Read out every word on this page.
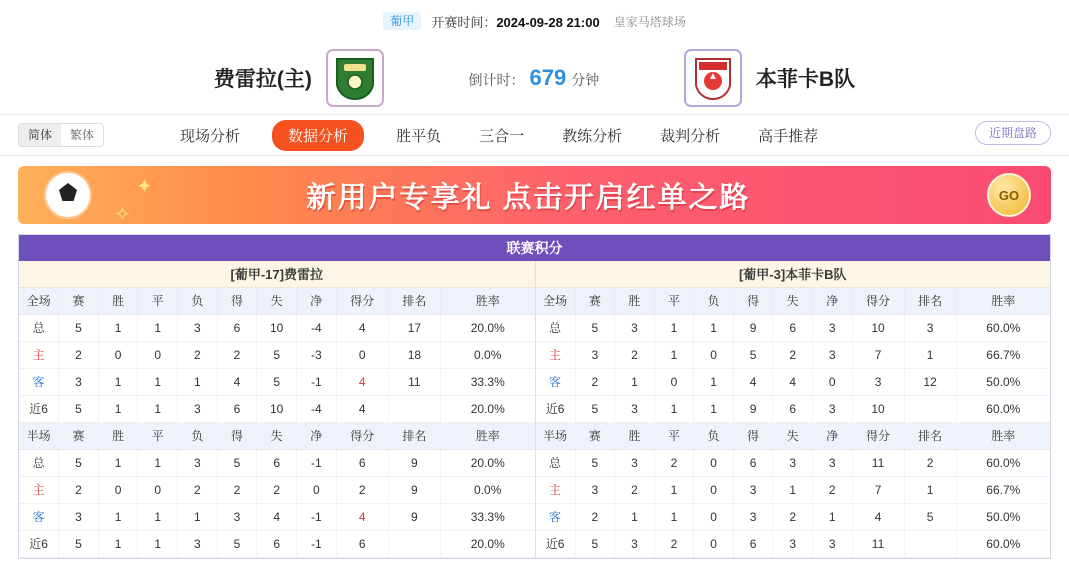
葡甲	开赛时间：2024-09-28 21:00 皇家马塔球场
费雷拉(主)	倒计时： 679 分钟	本菲卡B队
简体	繁体	现场分析	数据分析	胜平负	三合一	教练分析	裁判分析	高手推荐	近期盘路
✦
✧
新用户专享礼 点击开启红单之路	GO
联赛积分
[葡甲-17]费雷拉
全场	赛	胜	平	负	得	失	净	得分	排名	胜率
总	5	1	1	3	6	10	-4	4	17	20.0%
主	2	0	0	2	2	5	-3	0	18	0.0%
客	3	1	1	1	4	5	-1	4	11	33.3%
近6	5	1	1	3	6	10	-4	4		20.0%
半场	赛	胜	平	负	得	失	净	得分	排名	胜率
总	5	1	1	3	5	6	-1	6	9	20.0%
主	2	0	0	2	2	2	0	2	9	0.0%
客	3	1	1	1	3	4	-1	4	9	33.3%
近6	5	1	1	3	5	6	-1	6		20.0%
[葡甲-3]本菲卡B队
全场	赛	胜	平	负	得	失	净	得分	排名	胜率
总	5	3	1	1	9	6	3	10	3	60.0%
主	3	2	1	0	5	2	3	7	1	66.7%
客	2	1	0	1	4	4	0	3	12	50.0%
近6	5	3	1	1	9	6	3	10		60.0%
半场	赛	胜	平	负	得	失	净	得分	排名	胜率
总	5	3	2	0	6	3	3	11	2	60.0%
主	3	2	1	0	3	1	2	7	1	66.7%
客	2	1	1	0	3	2	1	4	5	50.0%
近6	5	3	2	0	6	3	3	11		60.0%
